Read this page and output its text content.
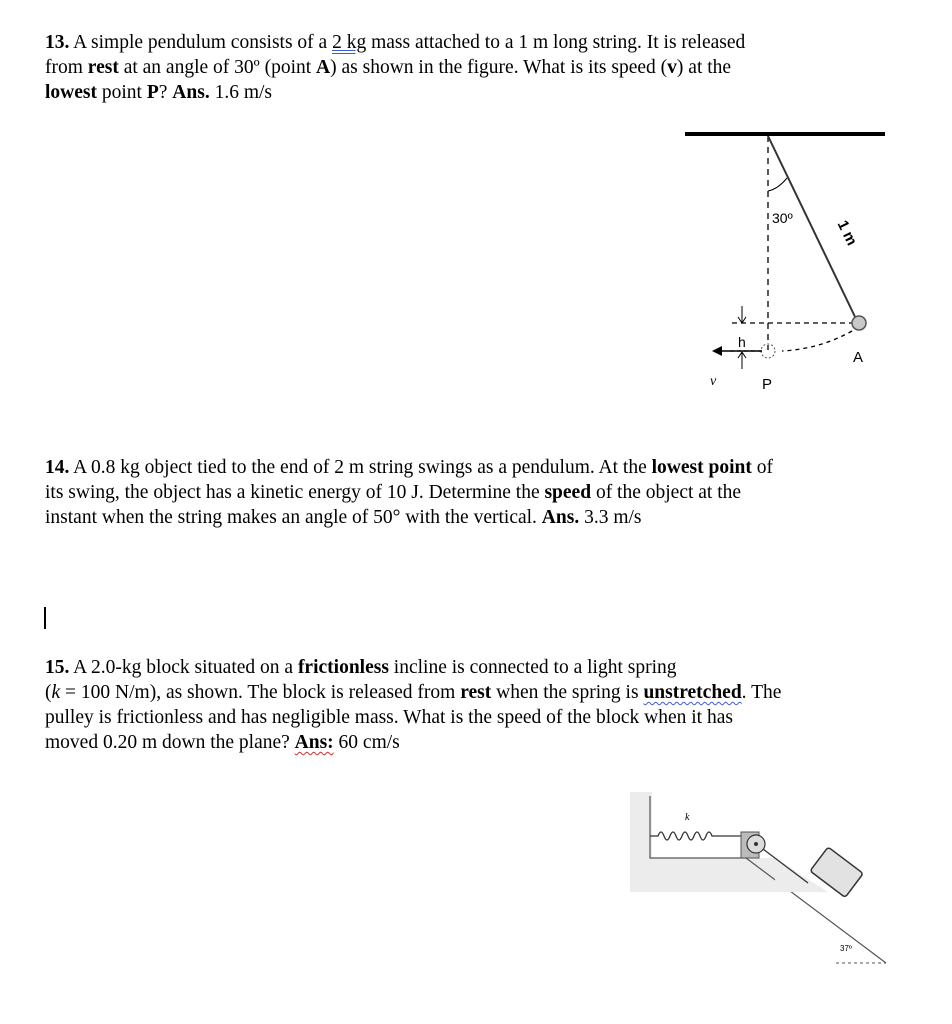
13. A simple pendulum consists of a 2 kg mass attached to a 1 m long string. It is released

from rest at an angle of 30º (point A) as shown in the figure. What is its speed (v) at the

lowest point P? Ans. 1.6 m/s

30º	1 m
A
h
v	P

14. A 0.8 kg object tied to the end of 2 m string swings as a pendulum. At the lowest point of

its swing, the object has a kinetic energy of 10 J. Determine the speed of the object at the

instant when the string makes an angle of 50° with the vertical. Ans. 3.3 m/s

15. A 2.0-kg block situated on a frictionless incline is connected to a light spring

(k = 100 N/m), as shown. The block is released from rest when the spring is unstretched. The

pulley is frictionless and has negligible mass. What is the speed of the block when it has

moved 0.20 m down the plane? Ans: 60 cm/s

k
37º
